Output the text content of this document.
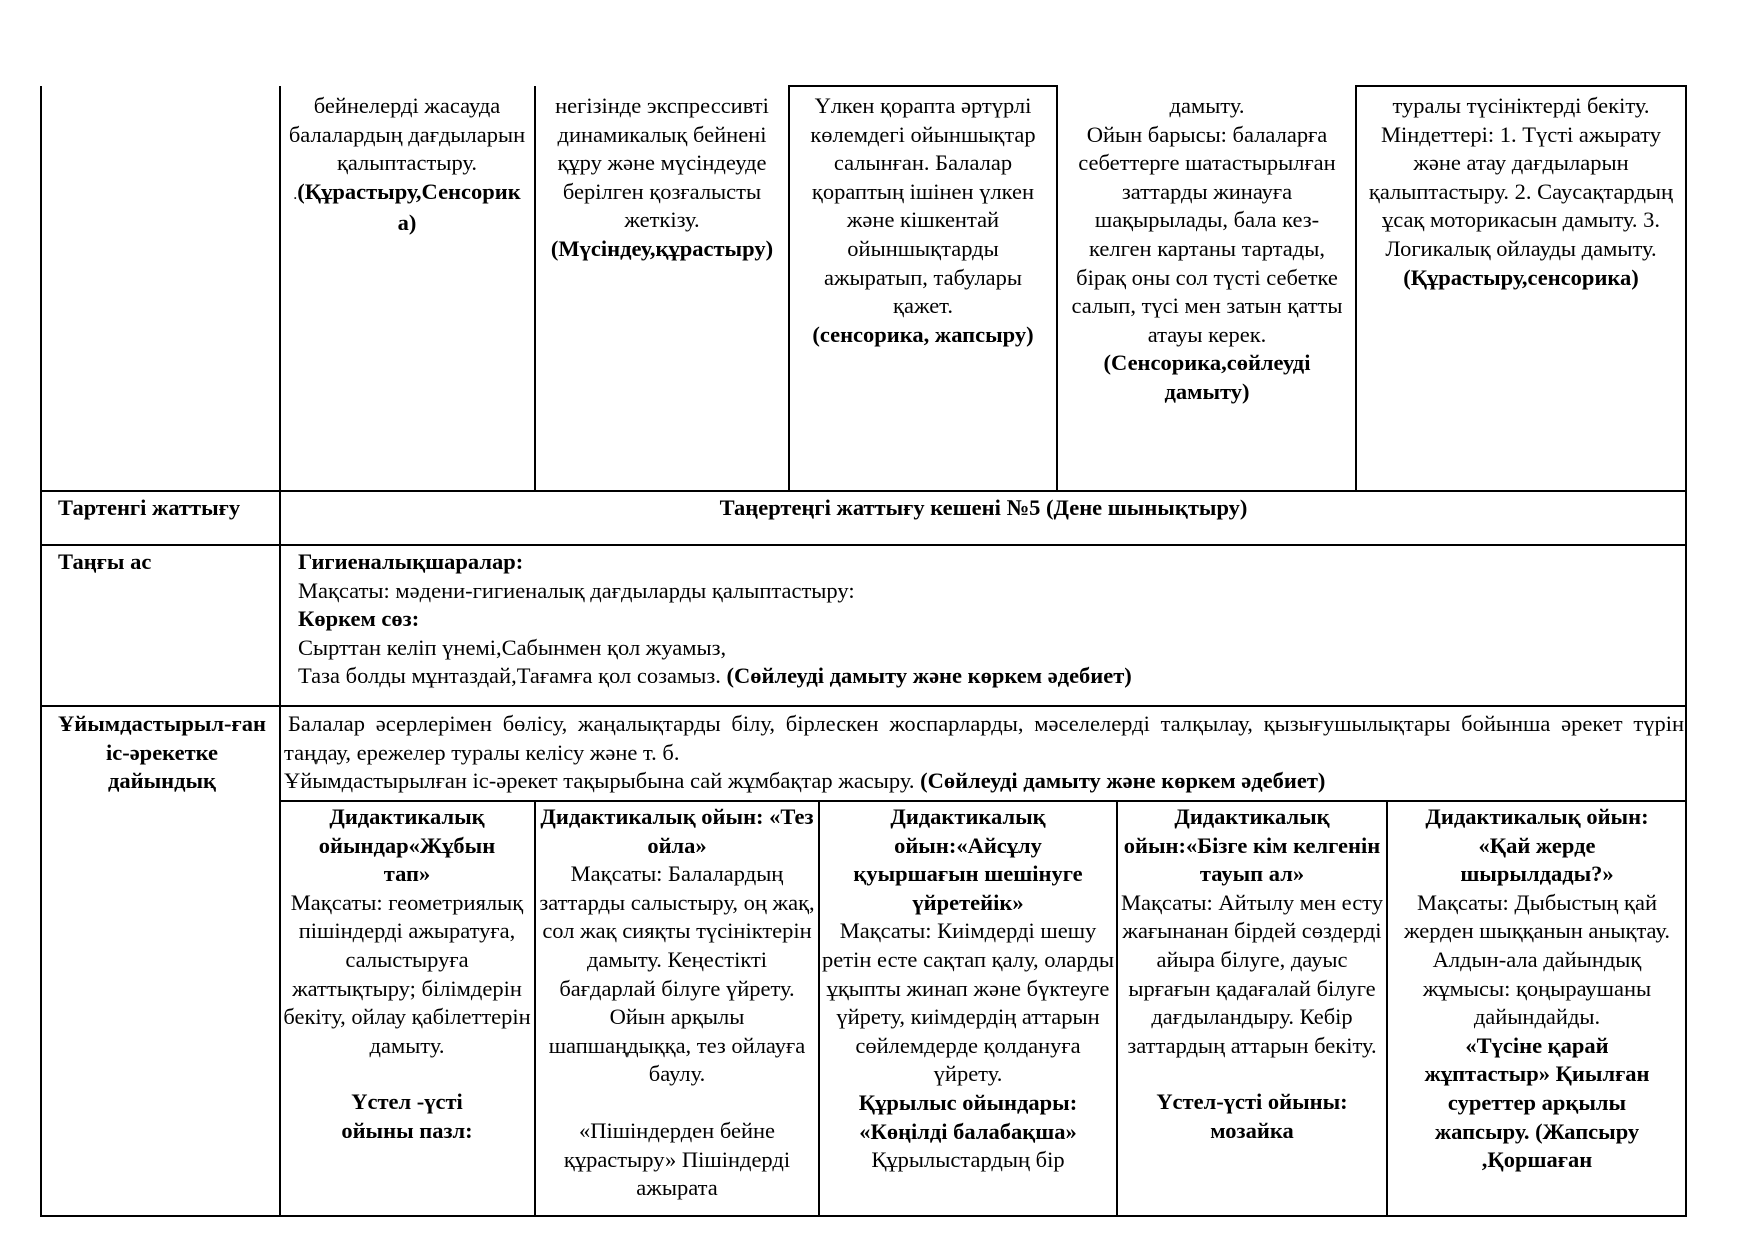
бейнелерді жасауда балалардың дағдыларын қалыптастыру.
.(Құрастыру,Сенсорика)
негізінде экспрессивті динамикалық бейнені құру және мүсіндеуде берілген қозғалысты жеткізу.
(Мүсіндеу,құрастыру)
Үлкен қорапта әртүрлі көлемдегі ойыншықтар салынған. Балалар қораптың ішінен үлкен және кішкентай ойыншықтарды ажыратып, табулары қажет.
(сенсорика, жапсыру)
дамыту.
Ойын барысы: балаларға себеттерге шатастырылған заттарды жинауға шақырылады, бала кез-келген картаны тартады, бірақ оны сол түсті себетке салып, түсі мен затын қатты атауы керек.
(Сенсорика,сөйлеуді дамыту)
туралы түсініктерді бекіту. Міндеттері: 1. Түсті ажырату және атау дағдыларын қалыптастыру. 2. Саусақтардың ұсақ моторикасын дамыту. 3. Логикалық ойлауды дамыту.
(Құрастыру,сенсорика)
Тартенгі жаттығу	Таңертеңгі жаттығу кешені №5 (Дене шынықтыру)
Таңғы ас	Гигиеналықшаралар:
Мақсаты: мәдени-гигиеналық дағдыларды қалыптастыру:
Көркем сөз:
Сырттан келіп үнемі,Сабынмен қол жуамыз,
Таза болды мұнтаздай,Тағамға қол созамыз. (Сөйлеуді дамыту және көркем әдебиет)
Ұйымдастырыл-ған іс-әрекетке дайындық
Балалар әсерлерімен бөлісу, жаңалықтарды білу, бірлескен жоспарларды, мәселелерді талқылау, қызығушылықтары бойынша әрекет түрін таңдау, ережелер туралы келісу және т. б.
Ұйымдастырылған іс-әрекет тақырыбына сай жұмбақтар жасыру. (Сөйлеуді дамыту және көркем әдебиет)
Дидактикалық ойындар«Жұбын тап»
Мақсаты: геометриялық пішіндерді ажыратуға, салыстыруға жаттықтыру; білімдерін бекіту, ойлау қабілеттерін дамыту.
Үстел -үсті ойыны пазл:
Дидактикалық ойын: «Тез ойла»
Мақсаты: Балалардың заттарды салыстыру, оң жақ, сол жақ сияқты түсініктерін дамыту. Кеңестікті бағдарлай білуге үйрету. Ойын арқылы шапшаңдыққа, тез ойлауға баулу.
«Пішіндерден бейне құрастыру» Пішіндерді ажырата
Дидактикалық ойын:«Айсұлу қуыршағын шешінуге үйретейік»
Мақсаты: Киімдерді шешу ретін есте сақтап қалу, оларды ұқыпты жинап және бүктеуге үйрету, киімдердің аттарын сөйлемдерде қолдануға үйрету.
Құрылыс ойындары: «Көңілді балабақша»
Құрылыстардың бір
Дидактикалық ойын:«Бізге кім келгенін тауып ал»
Мақсаты: Айтылу мен есту жағынанан бірдей сөздерді айыра білуге, дауыс ырғағын қадағалай білуге дағдыландыру. Кебір заттардың аттарын бекіту.
Үстел-үсті ойыны: мозайка
Дидактикалық ойын: «Қай жерде шырылдады?»
Мақсаты: Дыбыстың қай жерден шыққанын анықтау. Алдын-ала дайындық жұмысы: қоңыраушаны дайындайды.
«Түсіне қарай жұптастыр» Қиылған суреттер арқылы жапсыру. (Жапсыру ,Қоршаған
